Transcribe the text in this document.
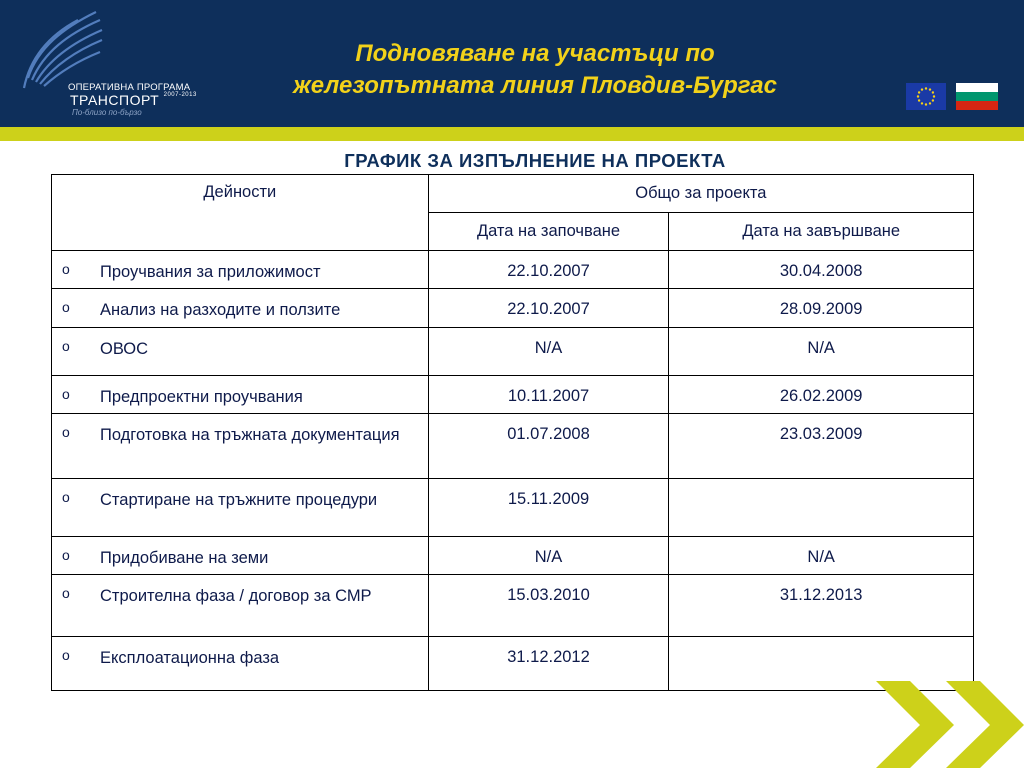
ОПЕРАТИВНА ПРОГРАМА
ТРАНСПОРТ $^{2007-2013}$
По-близо по-бързо
Подновяване на участъци по
железопътната линия Пловдив-Бургас
ГРАФИК ЗА ИЗПЪЛНЕНИЕ НА ПРОЕКТА
Дейности	Общо за проекта	
	Дата на започване	Дата на завършване

o Проучвания за приложимост	22.10.2007	30.04.2008

o Анализ на разходите и ползите	22.10.2007	28.09.2009

o ОВОС	N/A	N/A

o Предпроектни проучвания	10.11.2007	26.02.2009

o Подготовка на тръжната документация	01.07.2008	23.03.2009

o Стартиране на тръжните процедури	15.11.2009	

o Придобиване на земи	N/A	N/A

o Строителна фаза / договор за СМР	15.03.2010	31.12.2013

o Експлоатационна фаза	31.12.2012	
